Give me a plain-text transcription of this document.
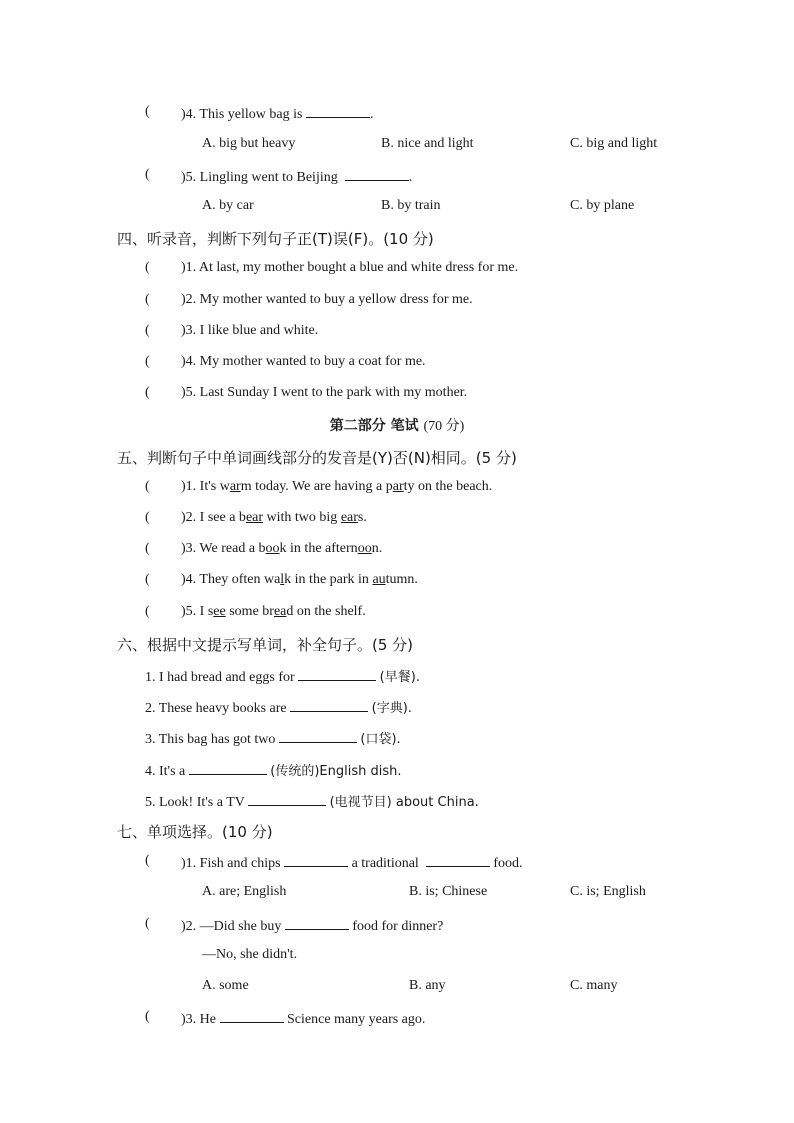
( )4. This yellow bag is	.
A. big but heavy	B. nice and light	C. big and light
( )5. Lingling went to Beijing	.
A. by car	B. by train	C. by plane
四、听录音，判断下列句子正(T)误(F)。(10 分)
( )1. At last, my mother bought a blue and white dress for me.
( )2. My mother wanted to buy a yellow dress for me.
( )3. I like blue and white.
( )4. My mother wanted to buy a coat for me.
( )5. Last Sunday I went to the park with my mother.
第二部分 笔试 (70 分)
五、判断句子中单词画线部分的发音是(Y)否(N)相同。(5 分)
( )1. It's warm today. We are having a party on the beach.
( )2. I see a bear with two big ears.
( )3. We read a book in the afternoon.
( )4. They often walk in the park in autumn.
( )5. I see some bread on the shelf.
六、根据中文提示写单词，补全句子。(5 分)
1. I had bread and eggs for	(早餐).
2. These heavy books are	(字典).
3. This bag has got two	(口袋).
4. It's a	(传统的)English dish.
5. Look! It's a TV	(电视节目) about China.
七、单项选择。(10 分)
( )1. Fish and chips	a traditional	food.
A. are; English	B. is; Chinese	C. is; English
( )2. —Did she buy	food for dinner?
—No, she didn't.
A. some	B. any	C. many
( )3. He	Science many years ago.
